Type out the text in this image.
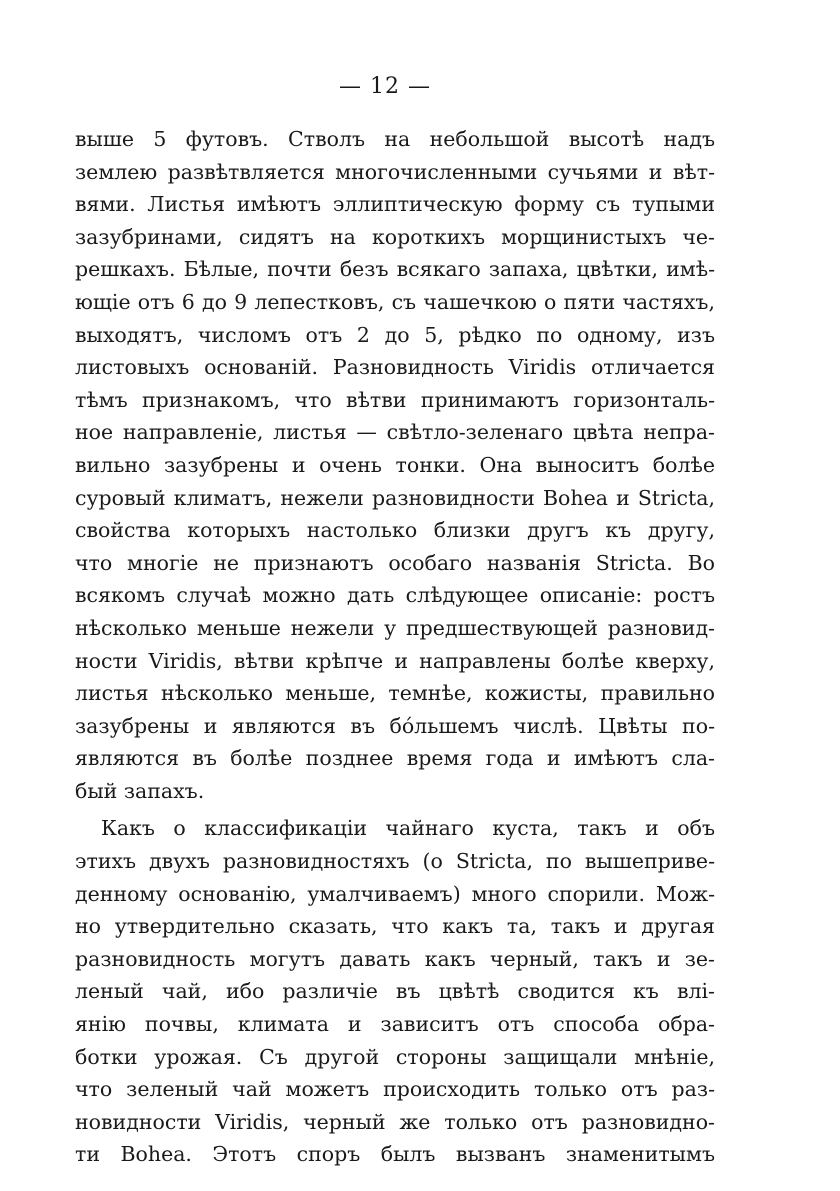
— 12 —

выше 5 футовъ. Стволъ на небольшой высотѣ надъ
землею развѣтвляется многочисленными сучьями и вѣт-
вями. Листья имѣютъ эллиптическую форму съ тупыми
зазубринами, сидятъ на короткихъ морщинистыхъ че-
решкахъ. Бѣлые, почти безъ всякаго запаха, цвѣтки, имѣ-
ющіе отъ 6 до 9 лепестковъ, съ чашечкою о пяти частяхъ,
выходятъ, числомъ отъ 2 до 5, рѣдко по одному, изъ
листовыхъ основаній. Разновидность Viridis отличается
тѣмъ признакомъ, что вѣтви принимаютъ горизонталь-
ное направленіе, листья — свѣтло-зеленаго цвѣта непра-
вильно зазубрены и очень тонки. Она выноситъ болѣе
суровый климатъ, нежели разновидности Bohea и Stricta,
свойства которыхъ настолько близки другъ къ другу,
что многіе не признаютъ особаго названія Stricta. Во
всякомъ случаѣ можно дать слѣдующее описаніе: ростъ
нѣсколько меньше нежели у предшествующей разновид-
ности Viridis, вѣтви крѣпче и направлены болѣе кверху,
листья нѣсколько меньше, темнѣе, кожисты, правильно
зазубрены и являются въ бо́льшемъ числѣ. Цвѣты по-
являются въ болѣе позднее время года и имѣютъ сла-
бый запахъ.

Какъ о классификаціи чайнаго куста, такъ и объ
этихъ двухъ разновидностяхъ (о Stricta, по вышеприве-
денному основанію, умалчиваемъ) много спорили. Мож-
но утвердительно сказать, что какъ та, такъ и другая
разновидность могутъ давать какъ черный, такъ и зе-
леный чай, ибо различіе въ цвѣтѣ сводится къ влі-
янію почвы, климата и зависитъ отъ способа обра-
ботки урожая. Съ другой стороны защищали мнѣніе,
что зеленый чай можетъ происходить только отъ раз-
новидности Viridis, черный же только отъ разновидно-
ти Bohea. Этотъ споръ былъ вызванъ знаменитымъ
